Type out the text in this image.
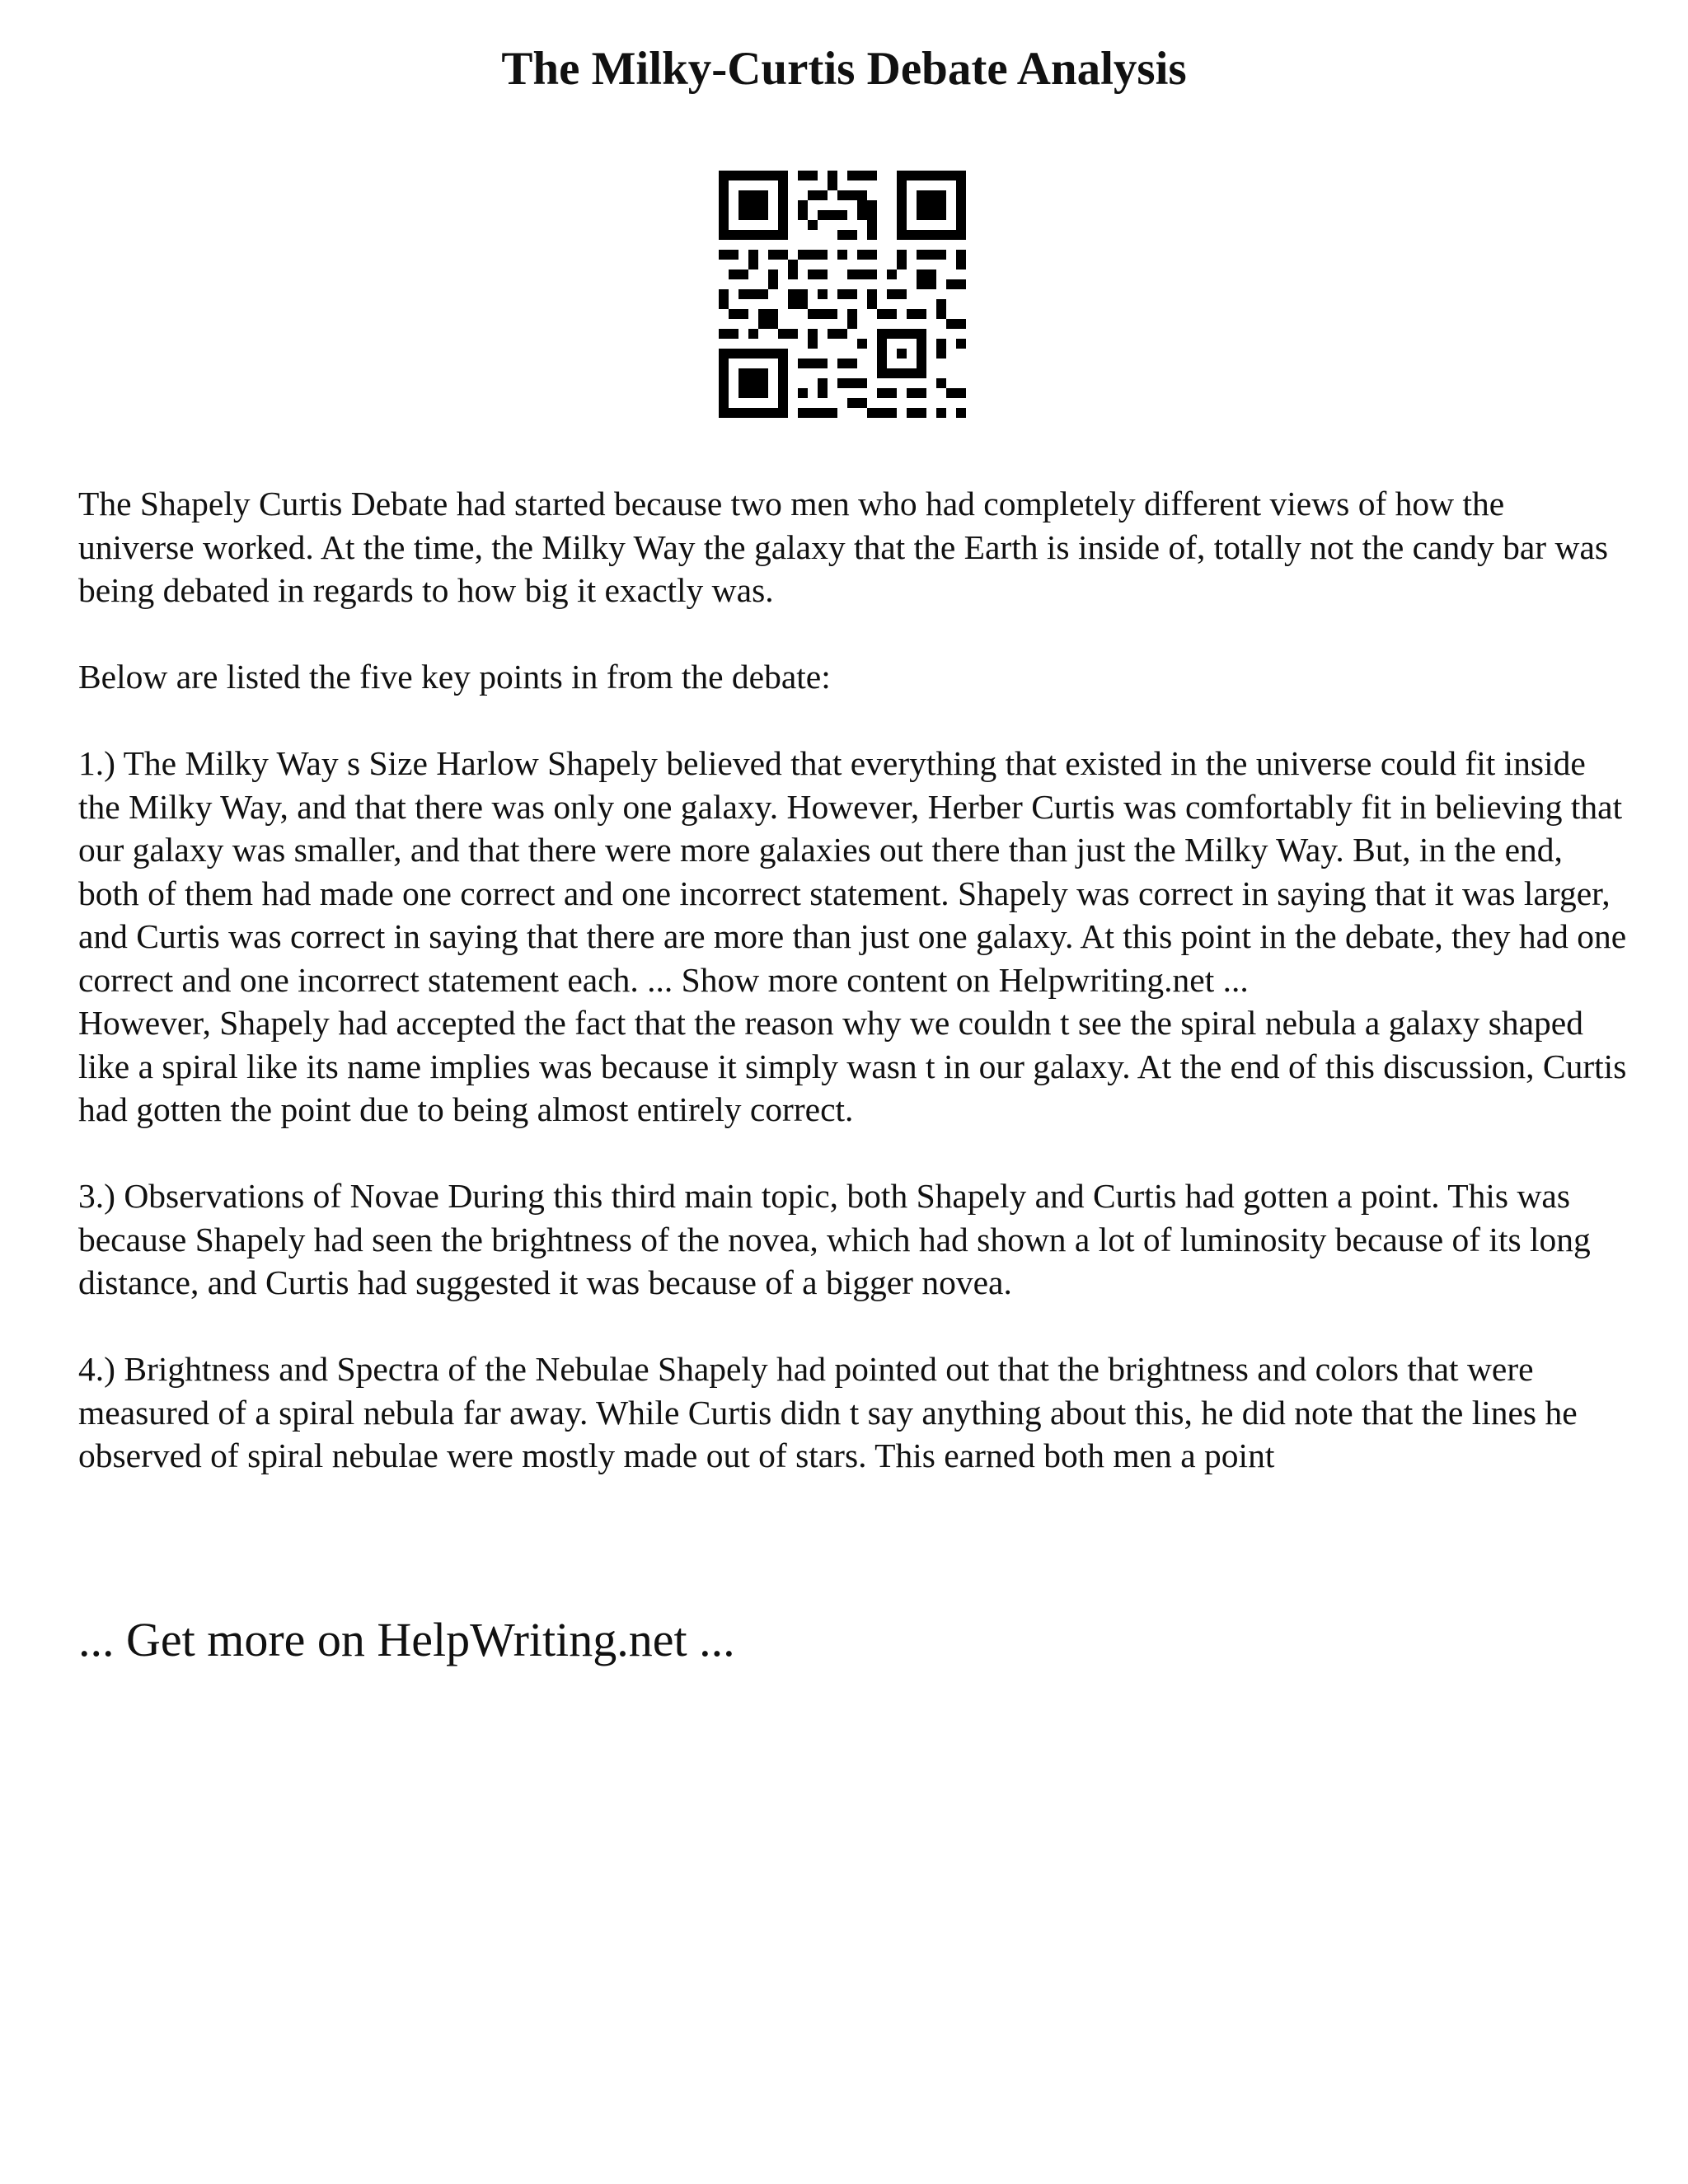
The Milky-Curtis Debate Analysis

The Shapely Curtis Debate had started because two men who had completely different views of how the universe worked. At the time, the Milky Way the galaxy that the Earth is inside of, totally not the candy bar was being debated in regards to how big it exactly was.

Below are listed the five key points in from the debate:

1.) The Milky Way s Size Harlow Shapely believed that everything that existed in the universe could fit inside the Milky Way, and that there was only one galaxy. However, Herber Curtis was comfortably fit in believing that our galaxy was smaller, and that there were more galaxies out there than just the Milky Way. But, in the end, both of them had made one correct and one incorrect statement. Shapely was correct in saying that it was larger, and Curtis was correct in saying that there are more than just one galaxy. At this point in the debate, they had one correct and one incorrect statement each. ... Show more content on Helpwriting.net ...

However, Shapely had accepted the fact that the reason why we couldn t see the spiral nebula a galaxy shaped like a spiral like its name implies was because it simply wasn t in our galaxy. At the end of this discussion, Curtis had gotten the point due to being almost entirely correct.

3.) Observations of Novae During this third main topic, both Shapely and Curtis had gotten a point. This was because Shapely had seen the brightness of the novea, which had shown a lot of luminosity because of its long distance, and Curtis had suggested it was because of a bigger novea.

4.) Brightness and Spectra of the Nebulae Shapely had pointed out that the brightness and colors that were measured of a spiral nebula far away. While Curtis didn t say anything about this, he did note that the lines he observed of spiral nebulae were mostly made out of stars. This earned both men a point

... Get more on HelpWriting.net ...
